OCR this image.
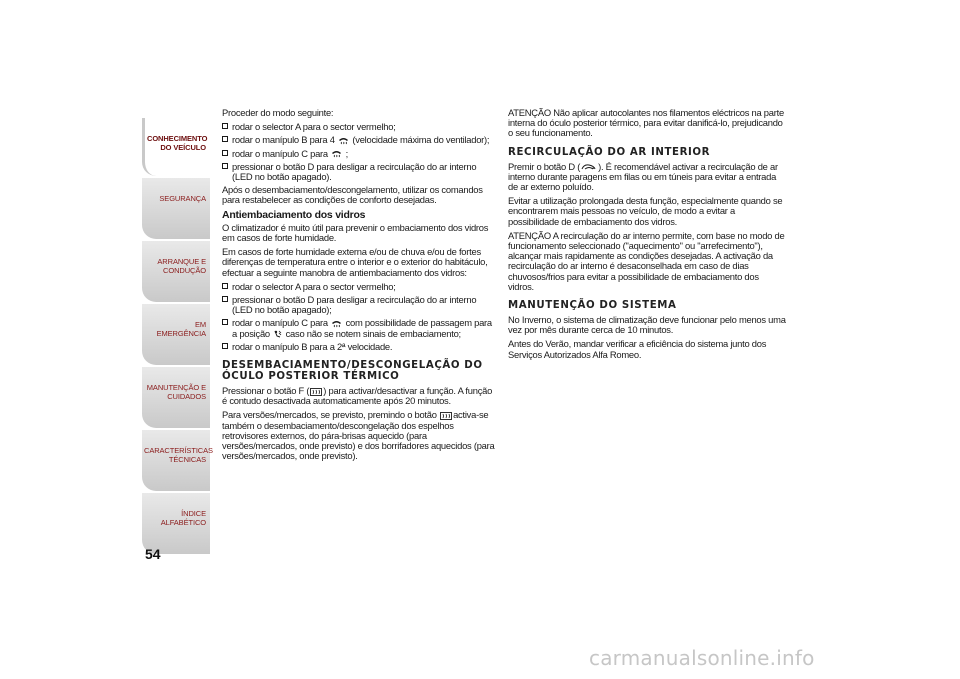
CONHECIMENTO DO VEÍCULO
SEGURANÇA
ARRANQUE E CONDUÇÃO
EM EMERGÊNCIA
MANUTENÇÃO E CUIDADOS
CARACTERÍSTICAS TÉCNICAS
ÍNDICE ALFABÉTICO
54

Proceder do modo seguinte:

rodar o selector A para o sector vermelho;
rodar o manípulo B para 4 (velocidade máxima do ventilador);
rodar o manípulo C para ;
pressionar o botão D para desligar a recirculação do ar interno (LED no botão apagado).

Após o desembaciamento/descongelamento, utilizar os comandos para restabelecer as condições de conforto desejadas.

Antiembaciamento dos vidros

O climatizador é muito útil para prevenir o embaciamento dos vidros em casos de forte humidade.

Em casos de forte humidade externa e/ou de chuva e/ou de fortes diferenças de temperatura entre o interior e o exterior do habitáculo, efectuar a seguinte manobra de antiembaciamento dos vidros:

rodar o selector A para o sector vermelho;
pressionar o botão D para desligar a recirculação do ar interno (LED no botão apagado);
rodar o manípulo C para com possibilidade de passagem para a posição caso não se notem sinais de embaciamento;
rodar o manípulo B para a 2ª velocidade.
DESEMBACIAMENTO/DESCONGELAÇÃO DO ÓCULO POSTERIOR TÉRMICO

Pressionar o botão F ( ) para activar/desactivar a função. A função é contudo desactivada automaticamente após 20 minutos.

Para versões/mercados, se previsto, premindo o botão activa-se também o desembaciamento/descongelação dos espelhos retrovisores externos, do pára-brisas aquecido (para versões/mercados, onde previsto) e dos borrifadores aquecidos (para versões/mercados, onde previsto).

ATENÇÃO Não aplicar autocolantes nos filamentos eléctricos na parte interna do óculo posterior térmico, para evitar danificá-lo, prejudicando o seu funcionamento.

RECIRCULAÇÃO DO AR INTERIOR

Premir o botão D ( ). É recomendável activar a recirculação de ar interno durante paragens em filas ou em túneis para evitar a entrada de ar externo poluído.

Evitar a utilização prolongada desta função, especialmente quando se encontrarem mais pessoas no veículo, de modo a evitar a possibilidade de embaciamento dos vidros.

ATENÇÃO A recirculação do ar interno permite, com base no modo de funcionamento seleccionado ("aquecimento" ou "arrefecimento"), alcançar mais rapidamente as condições desejadas. A activação da recirculação do ar interno é desaconselhada em caso de dias chuvosos/frios para evitar a possibilidade de embaciamento dos vidros.

MANUTENÇÃO DO SISTEMA

No Inverno, o sistema de climatização deve funcionar pelo menos uma vez por mês durante cerca de 10 minutos.

Antes do Verão, mandar verificar a eficiência do sistema junto dos Serviços Autorizados Alfa Romeo.

carmanualsonline.info
